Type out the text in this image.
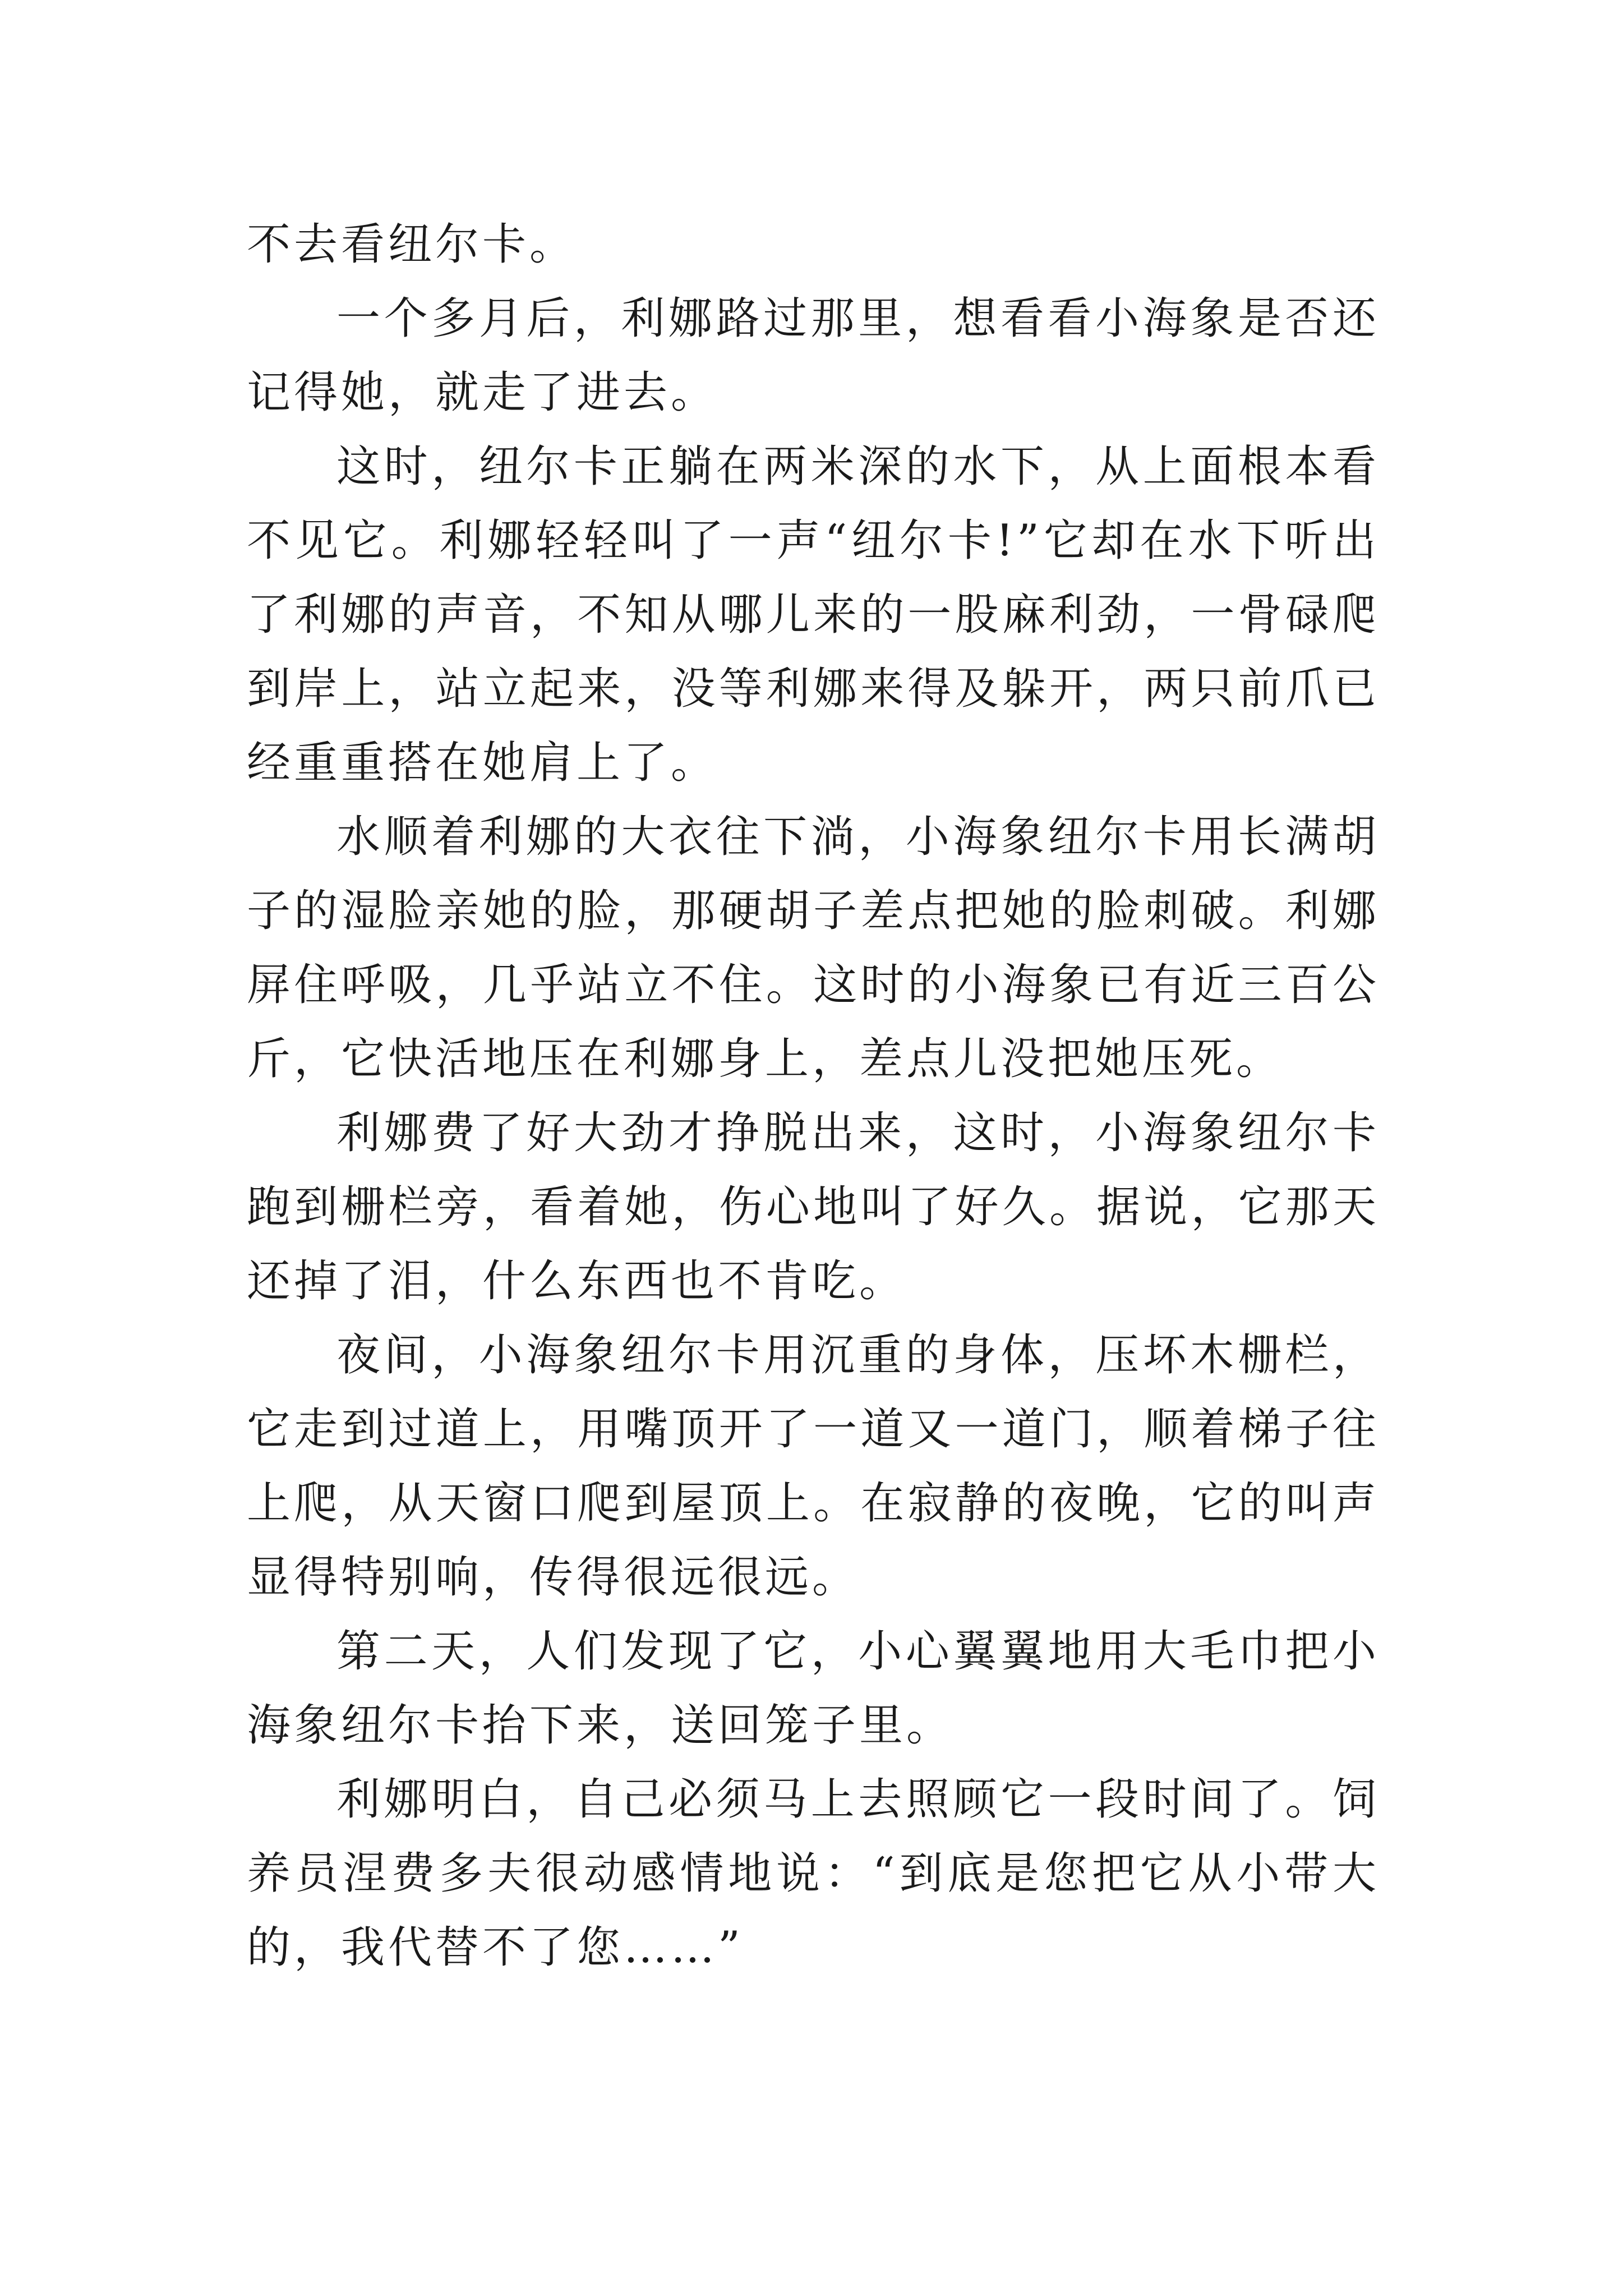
不去看纽尔卡。

一个多月后，利娜路过那里，想看看小海象是否还记得她，就走了进去。

这时，纽尔卡正躺在两米深的水下，从上面根本看不见它。利娜轻轻叫了一声“纽尔卡!”它却在水下听出了利娜的声音，不知从哪儿来的一股麻利劲，一骨碌爬到岸上，站立起来，没等利娜来得及躲开，两只前爪已经重重搭在她肩上了。

水顺着利娜的大衣往下淌，小海象纽尔卡用长满胡子的湿脸亲她的脸，那硬胡子差点把她的脸刺破。利娜屏住呼吸，几乎站立不住。这时的小海象已有近三百公斤，它快活地压在利娜身上，差点儿没把她压死。

利娜费了好大劲才挣脱出来，这时，小海象纽尔卡跑到栅栏旁，看着她，伤心地叫了好久。据说，它那天还掉了泪，什么东西也不肯吃。

夜间，小海象纽尔卡用沉重的身体，压坏木栅栏，它走到过道上，用嘴顶开了一道又一道门，顺着梯子往上爬，从天窗口爬到屋顶上。在寂静的夜晚，它的叫声显得特别响，传得很远很远。

第二天，人们发现了它，小心翼翼地用大毛巾把小海象纽尔卡抬下来，送回笼子里。

利娜明白，自己必须马上去照顾它一段时间了。饲养员涅费多夫很动感情地说：“到底是您把它从小带大的，我代替不了您……”
